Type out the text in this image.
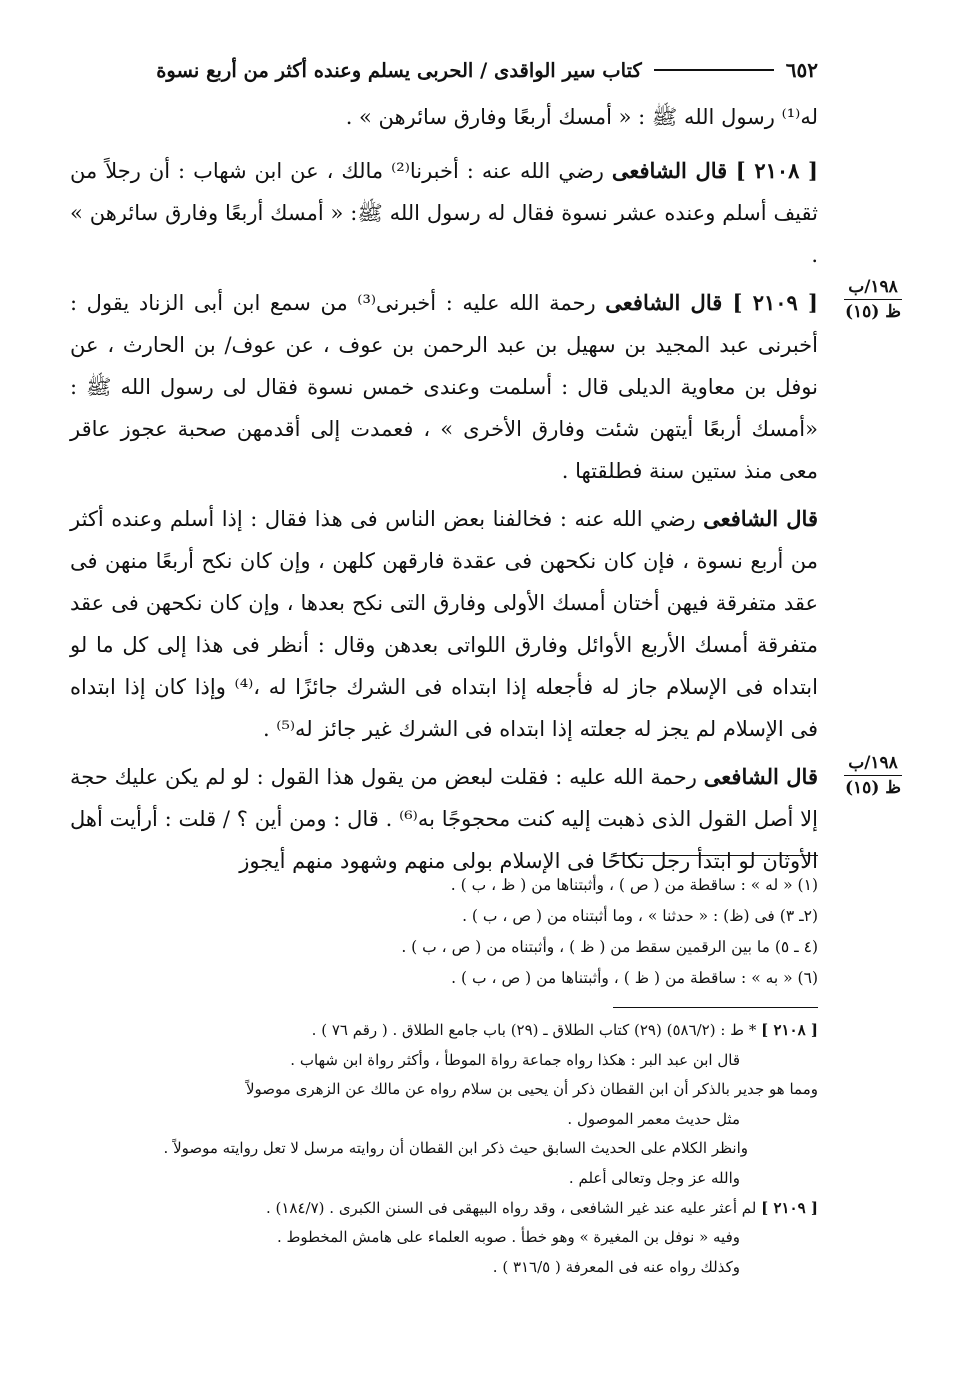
٦٥٢
كتاب سير الواقدى / الحربى يسلم وعنده أكثر من أربع نسوة

له⁽¹⁾ رسول الله ﷺ : « أمسك أربعًا وفارق سائرهن » .

[ ٢١٠٨ ] قال الشافعى رضي الله عنه : أخبرنا⁽²⁾ مالك ، عن ابن شهاب : أن رجلاً من ثقيف أسلم وعنده عشر نسوة فقال له رسول الله ﷺ: « أمسك أربعًا وفارق سائرهن » .

[ ٢١٠٩ ] قال الشافعى رحمة الله عليه : أخبرنى⁽³⁾ من سمع ابن أبى الزناد يقول : أخبرنى عبد المجيد بن سهيل بن عبد الرحمن بن عوف ، عن عوف/ بن الحارث ، عن نوفل بن معاوية الديلى قال : أسلمت وعندى خمس نسوة فقال لى رسول الله ﷺ : «أمسك أربعًا أيتهن شئت وفارق الأخرى » ، فعمدت إلى أقدمهن صحبة عجوز عاقر معى منذ ستين سنة فطلقتها .

قال الشافعى رضي الله عنه : فخالفنا بعض الناس فى هذا فقال : إذا أسلم وعنده أكثر من أربع نسوة ، فإن كان نكحهن فى عقدة فارقهن كلهن ، وإن كان نكح أربعًا منهن فى عقد متفرقة فيهن أختان أمسك الأولى وفارق التى نكح بعدها ، وإن كان نكحهن فى عقد متفرقة أمسك الأربع الأوائل وفارق اللواتى بعدهن وقال : أنظر فى هذا إلى كل ما لو ابتداه فى الإسلام جاز له فأجعله إذا ابتداه فى الشرك جائزًا له ،⁽⁴⁾ وإذا كان إذا ابتداه فى الإسلام لم يجز له جعلته إذا ابتداه فى الشرك غير جائز له⁽⁵⁾ .

قال الشافعى رحمة الله عليه : فقلت لبعض من يقول هذا القول : لو لم يكن عليك حجة إلا أصل القول الذى ذهبت إليه كنت محجوجًا به⁽⁶⁾ . قال : ومن أين ؟ / قلت : أرأيت أهل الأوثان لو ابتدأ رجل نكاحًا فى الإسلام بولى منهم وشهود منهم أيجوز

١٩٨/ب
ظ (١٥)
١٩٨/ب
ظ (١٥)
(١) « له » : ساقطة من ( ص ) ، وأثبتناها من ( ظ ، ب ) .
(٢ـ ٣) فى (ظ) : « حدثنا » ، وما أثبتناه من ( ص ، ب ) .
(٤ ـ ٥) ما بين الرقمين سقط من ( ظ ) ، وأثبتناه من ( ص ، ب ) .
(٦) « به » : ساقطة من ( ظ ) ، وأثبتناها من ( ص ، ب ) .
[ ٢١٠٨ ] * ط : (٥٨٦/٢) (٢٩) كتاب الطلاق ـ (٢٩) باب جامع الطلاق . ( رقم ٧٦ ) .
قال ابن عبد البر : هكذا رواه جماعة رواة الموطأ ، وأكثر رواة ابن شهاب .
ومما هو جدير بالذكر أن ابن القطان ذكر أن يحيى بن سلام رواه عن مالك عن الزهرى موصولاً
مثل حديث معمر الموصول .
وانظر الكلام على الحديث السابق حيث ذكر ابن القطان أن روايته مرسل لا تعل روايته موصولاً .
والله عز وجل وتعالى أعلم .
[ ٢١٠٩ ] لم أعثر عليه عند غير الشافعى ، وقد رواه البيهقى فى السنن الكبرى . (١٨٤/٧) .
وفيه « نوفل بن المغيرة » وهو خطأ . صوبه العلماء على هامش المخطوط .
وكذلك رواه عنه فى المعرفة ( ٣١٦/٥ ) .
